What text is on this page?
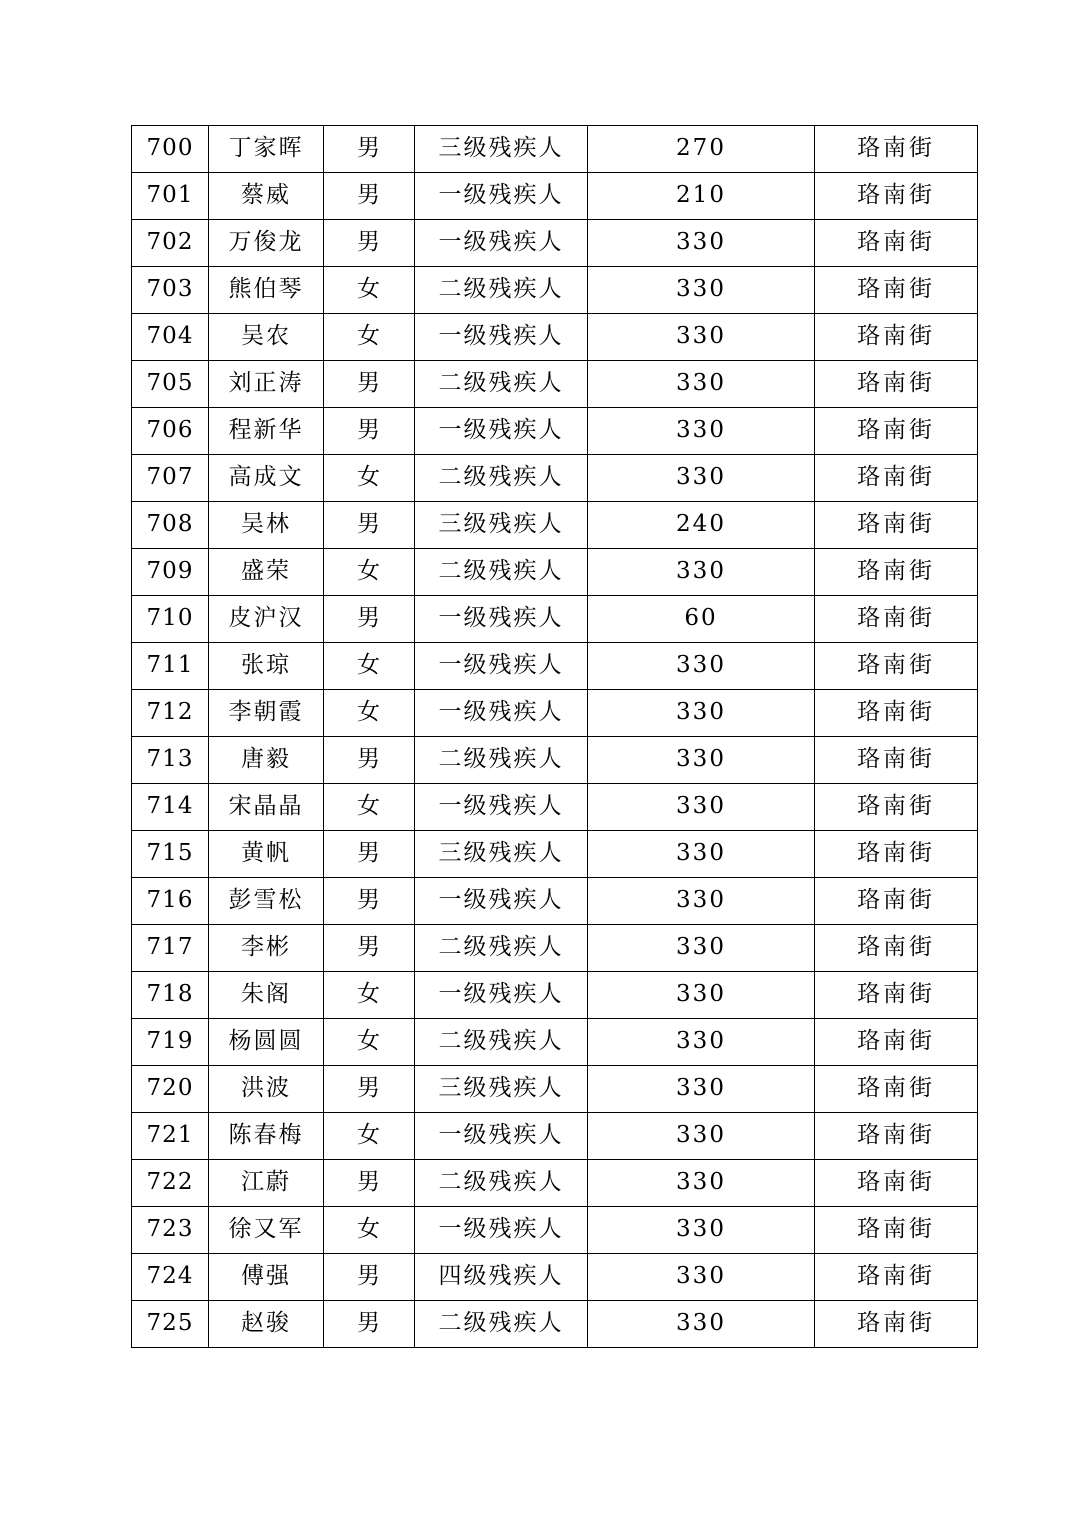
700	丁家晖	男	三级残疾人	270	珞南街
701	蔡威	男	一级残疾人	210	珞南街
702	万俊龙	男	一级残疾人	330	珞南街
703	熊伯琴	女	二级残疾人	330	珞南街
704	吴农	女	一级残疾人	330	珞南街
705	刘正涛	男	二级残疾人	330	珞南街
706	程新华	男	一级残疾人	330	珞南街
707	高成文	女	二级残疾人	330	珞南街
708	吴林	男	三级残疾人	240	珞南街
709	盛荣	女	二级残疾人	330	珞南街
710	皮沪汉	男	一级残疾人	60	珞南街
711	张琼	女	一级残疾人	330	珞南街
712	李朝霞	女	一级残疾人	330	珞南街
713	唐毅	男	二级残疾人	330	珞南街
714	宋晶晶	女	一级残疾人	330	珞南街
715	黄帆	男	三级残疾人	330	珞南街
716	彭雪松	男	一级残疾人	330	珞南街
717	李彬	男	二级残疾人	330	珞南街
718	朱阁	女	一级残疾人	330	珞南街
719	杨圆圆	女	二级残疾人	330	珞南街
720	洪波	男	三级残疾人	330	珞南街
721	陈春梅	女	一级残疾人	330	珞南街
722	江蔚	男	二级残疾人	330	珞南街
723	徐又军	女	一级残疾人	330	珞南街
724	傅强	男	四级残疾人	330	珞南街
725	赵骏	男	二级残疾人	330	珞南街
